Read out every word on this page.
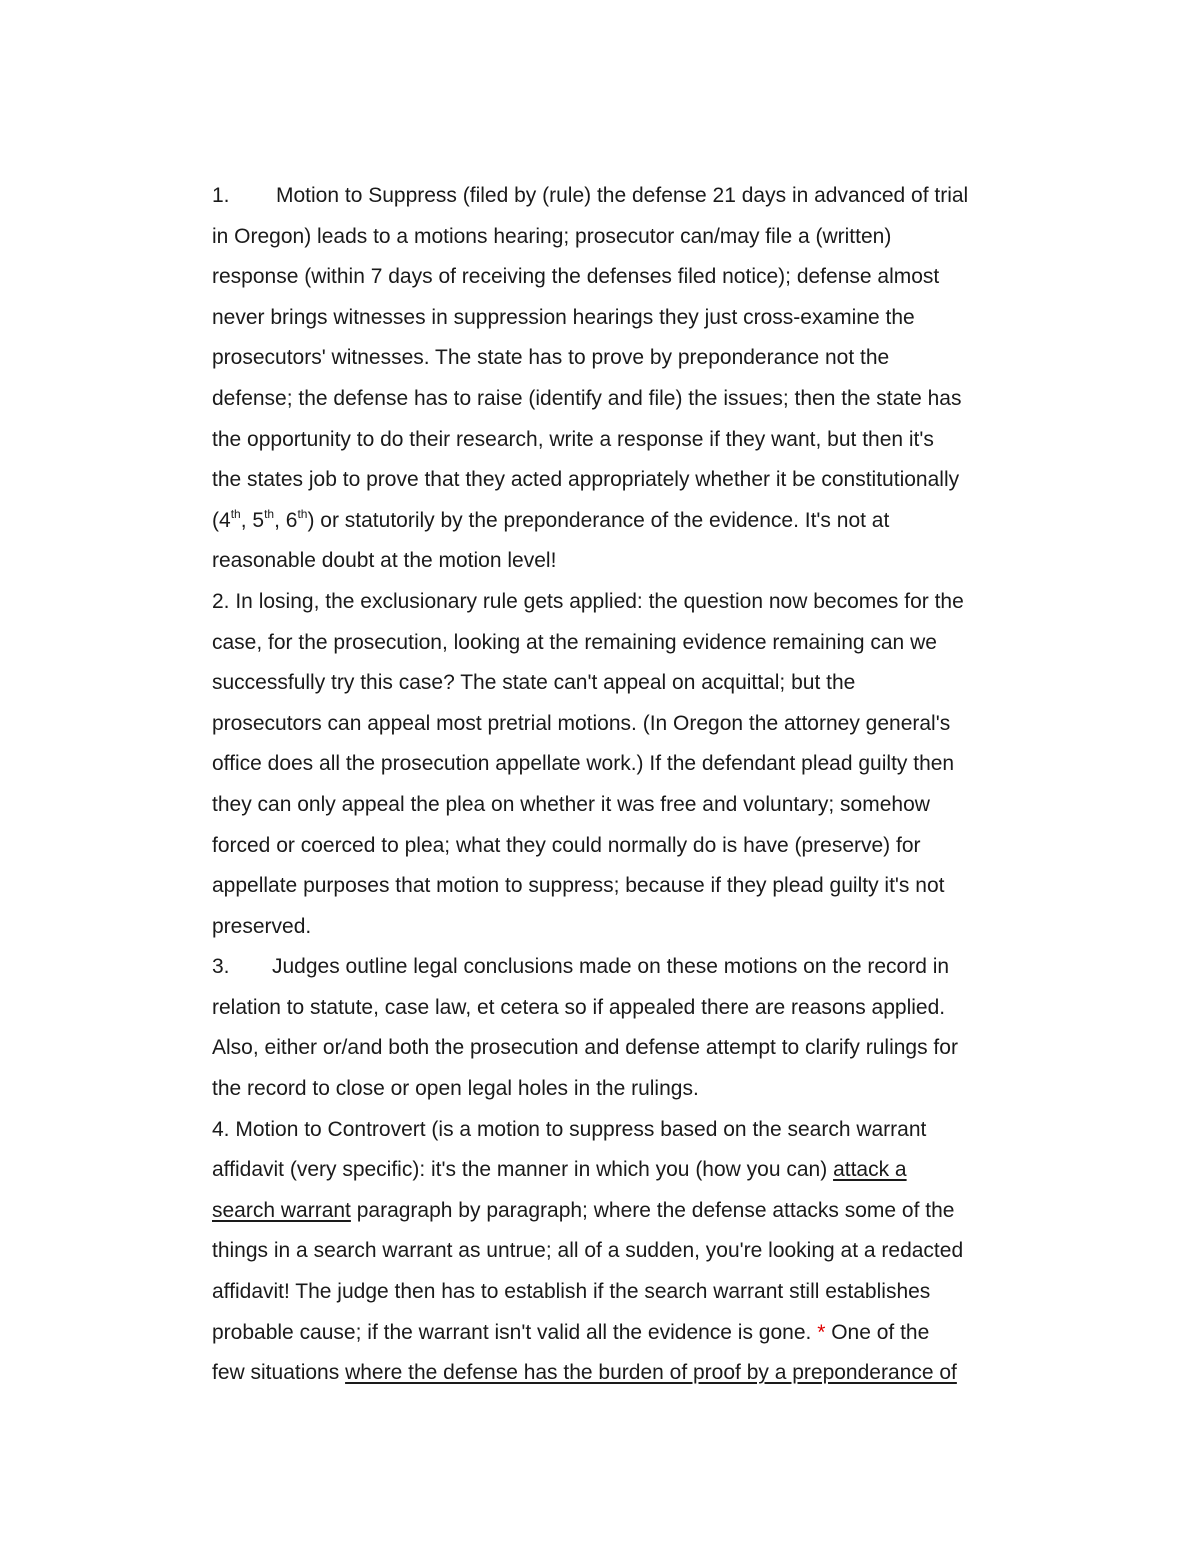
1. Motion to Suppress (filed by (rule) the defense 21 days in advanced of trial
in Oregon) leads to a motions hearing; prosecutor can/may file a (written)
response (within 7 days of receiving the defenses filed notice); defense almost
never brings witnesses in suppression hearings they just cross-examine the
prosecutors' witnesses. The state has to prove by preponderance not the
defense; the defense has to raise (identify and file) the issues; then the state has
the opportunity to do their research, write a response if they want, but then it's
the states job to prove that they acted appropriately whether it be constitutionally
(4th, 5th, 6th) or statutorily by the preponderance of the evidence. It's not at
reasonable doubt at the motion level!
2. In losing, the exclusionary rule gets applied: the question now becomes for the
case, for the prosecution, looking at the remaining evidence remaining can we
successfully try this case? The state can't appeal on acquittal; but the
prosecutors can appeal most pretrial motions. (In Oregon the attorney general's
office does all the prosecution appellate work.) If the defendant plead guilty then
they can only appeal the plea on whether it was free and voluntary; somehow
forced or coerced to plea; what they could normally do is have (preserve) for
appellate purposes that motion to suppress; because if they plead guilty it's not
preserved.
3. Judges outline legal conclusions made on these motions on the record in
relation to statute, case law, et cetera so if appealed there are reasons applied.
Also, either or/and both the prosecution and defense attempt to clarify rulings for
the record to close or open legal holes in the rulings.
4. Motion to Controvert (is a motion to suppress based on the search warrant
affidavit (very specific): it's the manner in which you (how you can) attack a
search warrant paragraph by paragraph; where the defense attacks some of the
things in a search warrant as untrue; all of a sudden, you're looking at a redacted
affidavit! The judge then has to establish if the search warrant still establishes
probable cause; if the warrant isn't valid all the evidence is gone. * One of the
few situations where the defense has the burden of proof by a preponderance of
